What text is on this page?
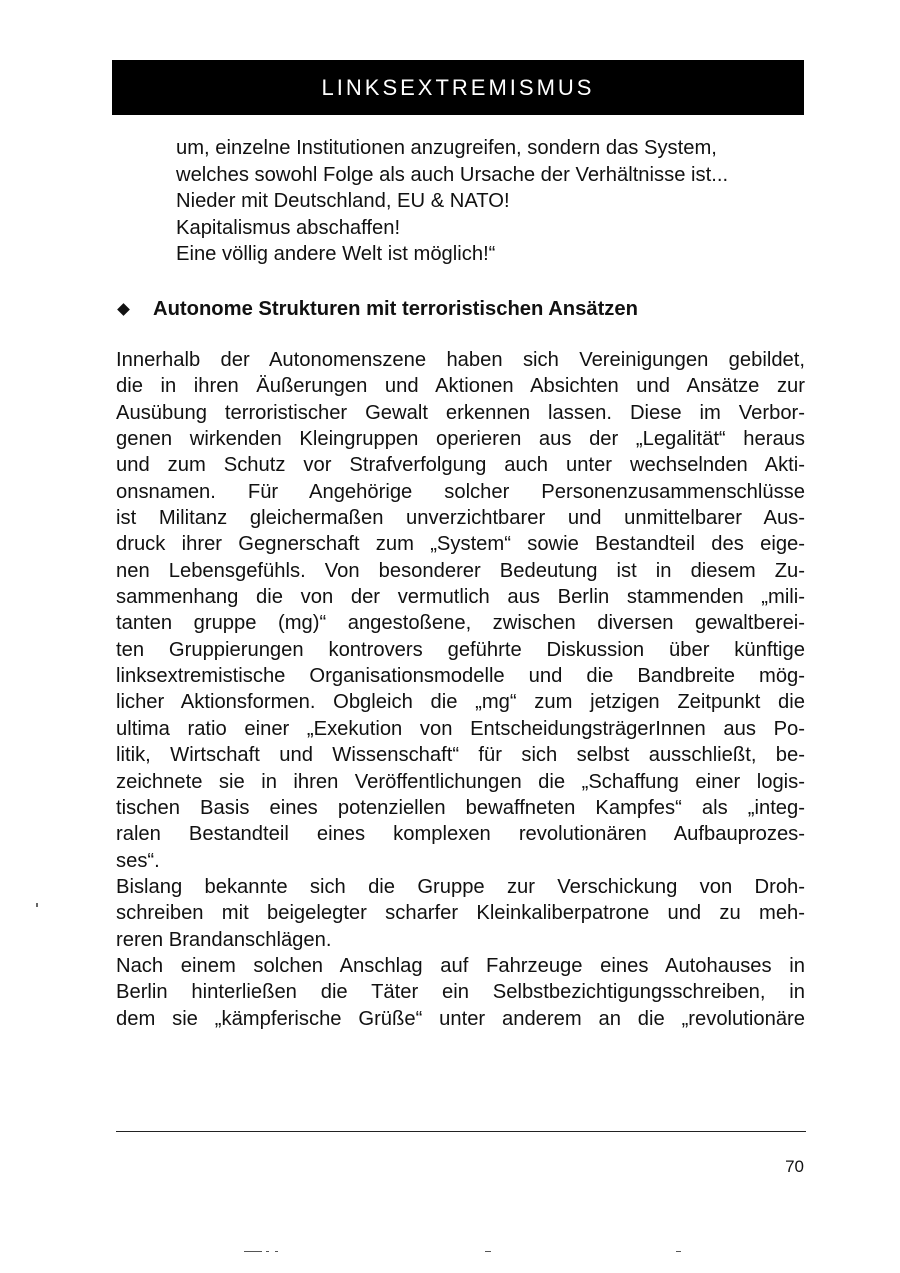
LINKSEXTREMISMUS

um, einzelne Institutionen anzugreifen, sondern das System,

welches sowohl Folge als auch Ursache der Verhältnisse ist...

Nieder mit Deutschland, EU & NATO!

Kapitalismus abschaffen!

Eine völlig andere Welt ist möglich!“

Autonome Strukturen mit terroristischen Ansätzen
Innerhalb der Autonomenszene haben sich Vereinigungen gebildet,
die in ihren Äußerungen und Aktionen Absichten und Ansätze zur
Ausübung terroristischer Gewalt erkennen lassen. Diese im Verbor-
genen wirkenden Kleingruppen operieren aus der „Legalität“ heraus
und zum Schutz vor Strafverfolgung auch unter wechselnden Akti-
onsnamen. Für Angehörige solcher Personenzusammenschlüsse
ist Militanz gleichermaßen unverzichtbarer und unmittelbarer Aus-
druck ihrer Gegnerschaft zum „System“ sowie Bestandteil des eige-
nen Lebensgefühls. Von besonderer Bedeutung ist in diesem Zu-
sammenhang die von der vermutlich aus Berlin stammenden „mili-
tanten gruppe (mg)“ angestoßene, zwischen diversen gewaltberei-
ten Gruppierungen kontrovers geführte Diskussion über künftige
linksextremistische Organisationsmodelle und die Bandbreite mög-
licher Aktionsformen. Obgleich die „mg“ zum jetzigen Zeitpunkt die
ultima ratio einer „Exekution von EntscheidungsträgerInnen aus Po-
litik, Wirtschaft und Wissenschaft“ für sich selbst ausschließt, be-
zeichnete sie in ihren Veröffentlichungen die „Schaffung einer logis-
tischen Basis eines potenziellen bewaffneten Kampfes“ als „integ-
ralen Bestandteil eines komplexen revolutionären Aufbauprozes-
ses“.
Bislang bekannte sich die Gruppe zur Verschickung von Droh-
schreiben mit beigelegter scharfer Kleinkaliberpatrone und zu meh-
reren Brandanschlägen.
Nach einem solchen Anschlag auf Fahrzeuge eines Autohauses in
Berlin hinterließen die Täter ein Selbstbezichtigungsschreiben, in
dem sie „kämpferische Grüße“ unter anderem an die „revolutionäre
70
